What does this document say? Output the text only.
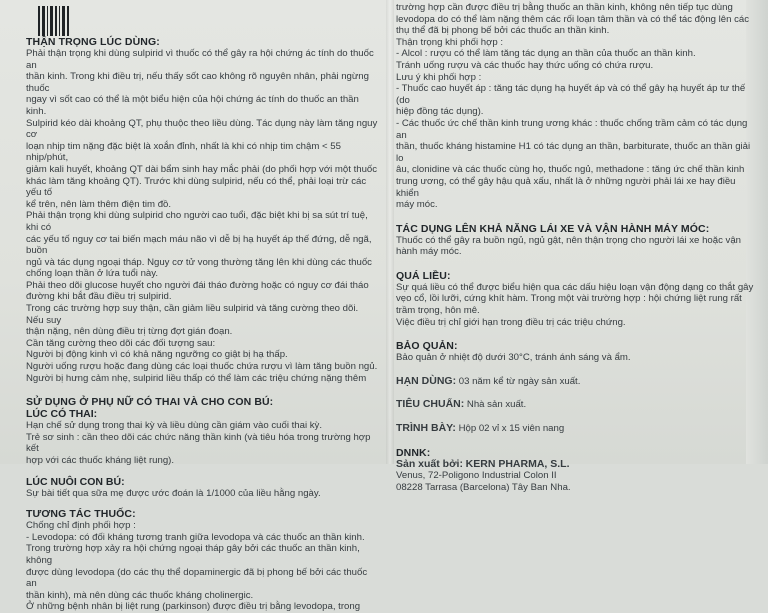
THẬN TRỌNG LÚC DÙNG:

Phải thận trọng khi dùng sulpirid vì thuốc có thể gây ra hội chứng ác tính do thuốc an

thần kinh. Trong khi điều trị, nếu thấy sốt cao không rõ nguyên nhân, phải ngừng thuốc

ngay vì sốt cao có thể là một biểu hiện của hội chứng ác tính do thuốc an thần kinh.

Sulpirid kéo dài khoảng QT, phụ thuộc theo liều dùng. Tác dụng này làm tăng nguy cơ

loạn nhịp tim nặng đặc biệt là xoắn đỉnh, nhất là khi có nhịp tim chậm < 55 nhịp/phút,

giảm kali huyết, khoảng QT dài bẩm sinh hay mắc phải (do phối hợp với một thuốc

khác làm tăng khoảng QT). Trước khi dùng sulpirid, nếu có thể, phải loại trừ các yếu tố

kể trên, nên làm thêm điện tim đồ.

Phải thận trọng khi dùng sulpirid cho người cao tuổi, đặc biệt khi bị sa sút trí tuệ, khi có

các yếu tố nguy cơ tai biến mạch máu não vì dễ bị hạ huyết áp thế đứng, dễ ngã, buồn

ngủ và tác dụng ngoại tháp. Nguy cơ tử vong thường tăng lên khi dùng các thuốc

chống loạn thần ở lứa tuổi này.

Phải theo dõi glucose huyết cho người đái tháo đường hoặc có nguy cơ đái tháo

đường khi bắt đầu điều trị sulpirid.

Trong các trường hợp suy thận, cần giảm liều sulpirid và tăng cường theo dõi. Nếu suy

thận nặng, nên dùng điều trị từng đợt gián đoạn.

Cần tăng cường theo dõi các đối tượng sau:

Người bị động kinh vì có khả năng ngưỡng co giật bị hạ thấp.

Người uống rượu hoặc đang dùng các loại thuốc chứa rượu vì làm tăng buồn ngủ.

Người bị hưng cảm nhẹ, sulpirid liều thấp có thể làm các triệu chứng nặng thêm

SỬ DỤNG Ở PHỤ NỮ CÓ THAI VÀ CHO CON BÚ:

LÚC CÓ THAI:

Hạn chế sử dụng trong thai kỳ và liều dùng cần giám vào cuối thai kỳ.

Trẻ sơ sinh : cần theo dõi các chức năng thần kinh (và tiêu hóa trong trường hợp kết

hợp với các thuốc kháng liệt rung).

LÚC NUÔI CON BÚ:

Sự bài tiết qua sữa mẹ được ước đoán là 1/1000 của liều hằng ngày.

TƯƠNG TÁC THUỐC:

Chống chỉ định phối hợp :

- Levodopa: có đối kháng tương tranh giữa levodopa và các thuốc an thần kinh.

Trong trường hợp xảy ra hội chứng ngoại tháp gây bởi các thuốc an thần kinh, không

được dùng levodopa (do các thụ thể dopaminergic đã bị phong bế bởi các thuốc an

thần kinh), mà nên dùng các thuốc kháng cholinergic.

Ở những bệnh nhân bị liệt rung (parkinson) được điều trị bằng levodopa, trong

trường hợp cần được điều trị bằng thuốc an thần kinh, không nên tiếp tục dùng

levodopa do có thể làm nặng thêm các rối loạn tâm thần và có thể tác động lên các

thụ thể đã bị phong bế bởi các thuốc an thần kinh.

Thận trọng khi phối hợp :

- Alcol : rượu có thể làm tăng tác dụng an thần của thuốc an thần kinh.

Tránh uống rượu và các thuốc hay thức uống có chứa rượu.

Lưu ý khi phối hợp :

- Thuốc cao huyết áp : tăng tác dụng hạ huyết áp và có thể gây hạ huyết áp tư thế (do

hiệp đồng tác dụng).

- Các thuốc ức chế thần kinh trung ương khác : thuốc chống trầm cảm có tác dụng an

thần, thuốc kháng histamine H1 có tác dụng an thần, barbiturate, thuốc an thần giải lo

âu, clonidine và các thuốc cùng họ, thuốc ngủ, methadone : tăng ức chế thần kinh

trung ương, có thể gây hậu quả xấu, nhất là ở những người phải lái xe hay điều khiển

máy móc.

TÁC DỤNG LÊN KHẢ NĂNG LÁI XE VÀ VẬN HÀNH MÁY MÓC:

Thuốc có thể gây ra buồn ngủ, ngủ gật, nên thận trọng cho người lái xe hoặc vận

hành máy móc.

QUÁ LIỀU:

Sự quá liều có thể được biểu hiện qua các dấu hiệu loạn vận động dạng co thắt gây

vẹo cổ, lồi lưỡi, cứng khít hàm. Trong một vài trường hợp : hội chứng liệt rung rất

trầm trọng, hôn mê.

Việc điều trị chỉ giới hạn trong điều trị các triệu chứng.

BẢO QUẢN:

Bảo quản ở nhiệt độ dưới 30°C, tránh ánh sáng và ẩm.

HẠN DÙNG: 03 năm kể từ ngày sản xuất.

TIÊU CHUẨN: Nhà sản xuất.

TRÌNH BÀY: Hộp 02 vỉ x 15 viên nang

DNNK:

Sản xuất bởi: KERN PHARMA, S.L.

Venus, 72-Poligono Industrial Colon II

08228 Tarrasa (Barcelona) Tây Ban Nha.
